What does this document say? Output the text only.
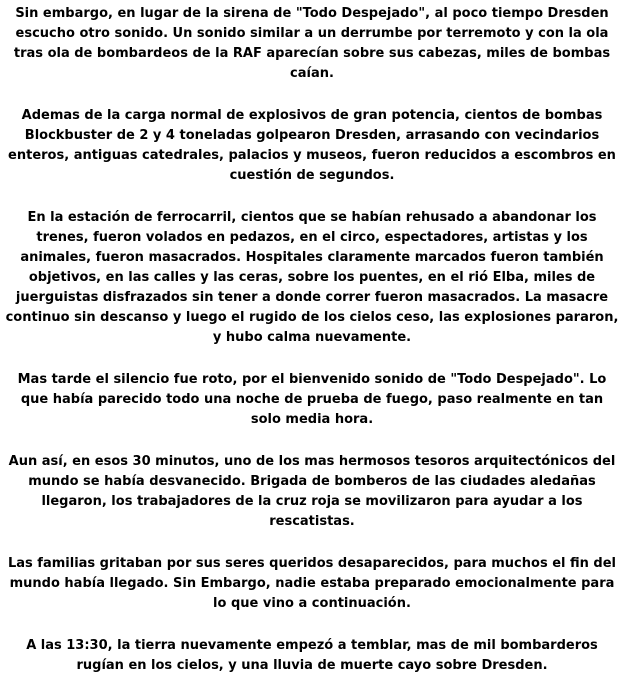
Sin embargo, en lugar de la sirena de "Todo Despejado", al poco tiempo Dresden escucho otro sonido. Un sonido similar a un derrumbe por terremoto y con la ola tras ola de bombardeos de la RAF aparecían sobre sus cabezas, miles de bombas caían.

Ademas de la carga normal de explosivos de gran potencia, cientos de bombas Blockbuster de 2 y 4 toneladas golpearon Dresden, arrasando con vecindarios enteros, antiguas catedrales, palacios y museos, fueron reducidos a escombros en cuestión de segundos.

En la estación de ferrocarril, cientos que se habían rehusado a abandonar los trenes, fueron volados en pedazos, en el circo, espectadores, artistas y los animales, fueron masacrados. Hospitales claramente marcados fueron también objetivos, en las calles y las ceras, sobre los puentes, en el rió Elba, miles de juerguistas disfrazados sin tener a donde correr fueron masacrados. La masacre continuo sin descanso y luego el rugido de los cielos ceso, las explosiones pararon, y hubo calma nuevamente.

Mas tarde el silencio fue roto, por el bienvenido sonido de "Todo Despejado". Lo que había parecido todo una noche de prueba de fuego, paso realmente en tan solo media hora.

Aun así, en esos 30 minutos, uno de los mas hermosos tesoros arquitectónicos del mundo se había desvanecido. Brigada de bomberos de las ciudades aledañas llegaron, los trabajadores de la cruz roja se movilizaron para ayudar a los rescatistas.

Las familias gritaban por sus seres queridos desaparecidos, para muchos el fin del mundo había llegado. Sin Embargo, nadie estaba preparado emocionalmente para lo que vino a continuación.

A las 13:30, la tierra nuevamente empezó a temblar, mas de mil bombarderos rugían en los cielos, y una lluvia de muerte cayo sobre Dresden.
